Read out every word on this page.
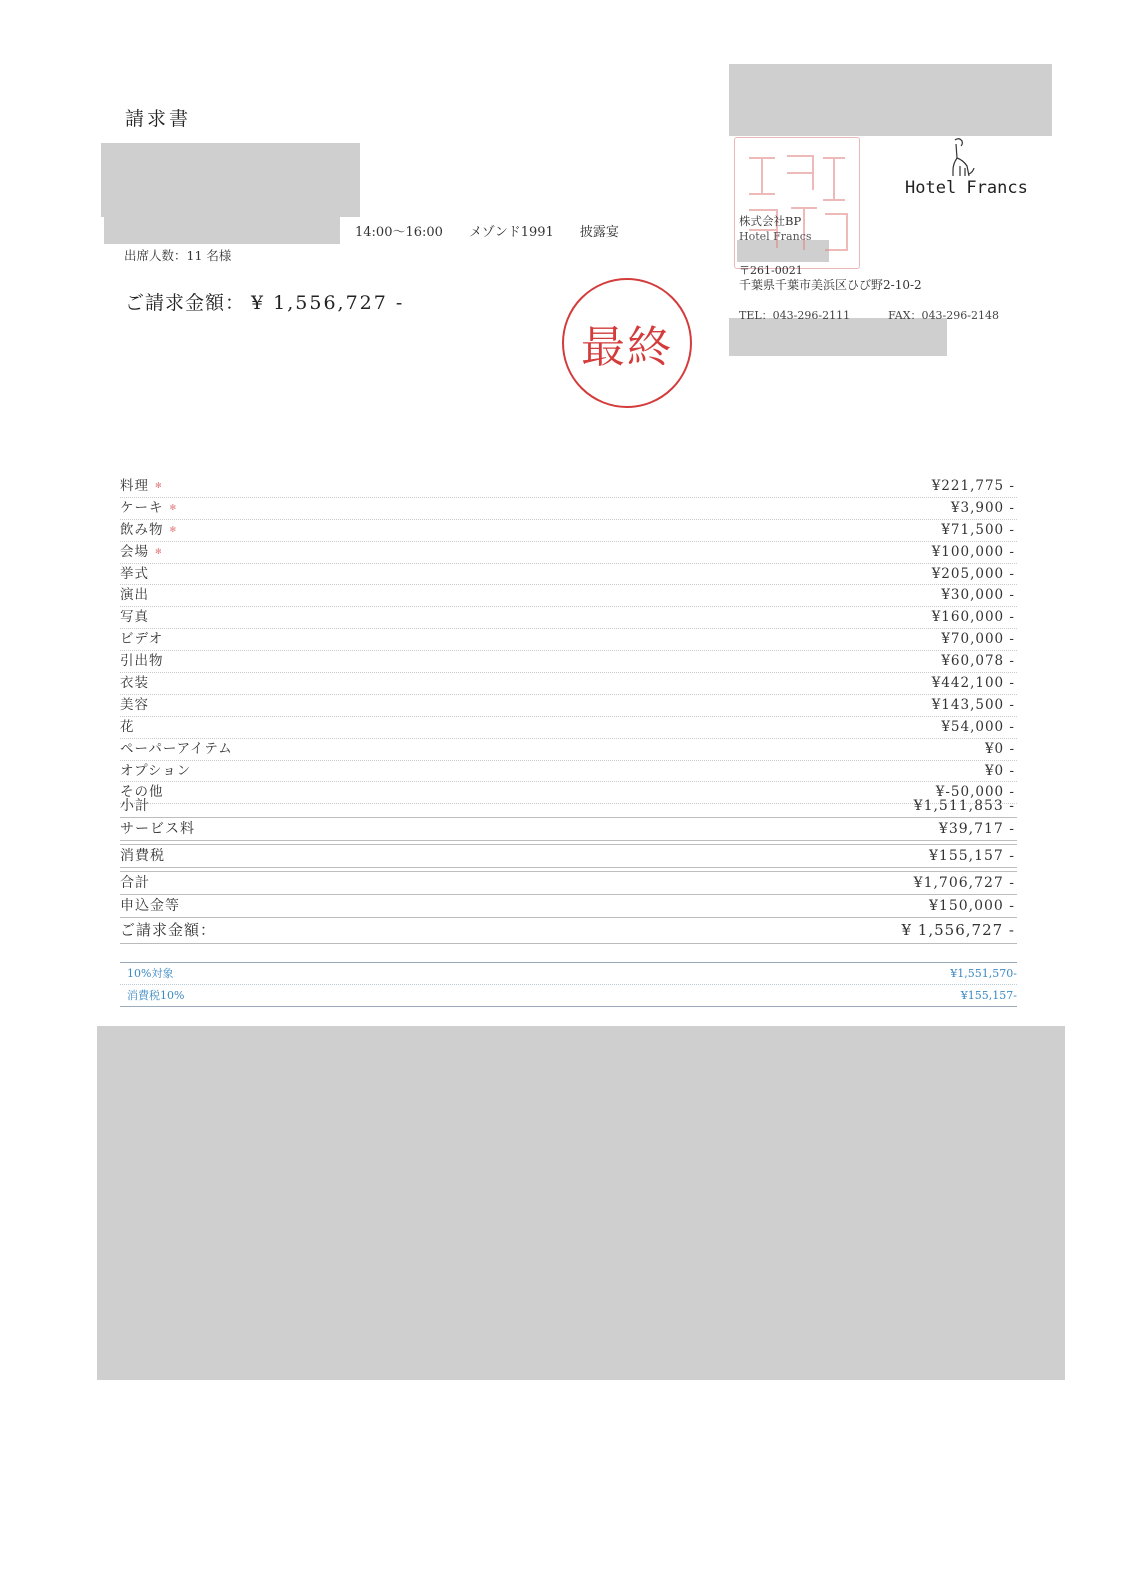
請求書
14:00〜16:00 メゾンド1991 披露宴
出席人数：11 名様
ご請求金額： ¥ 1,556,727 -
最終
Hotel Francs
株式会社BP
Hotel Francs
〒261-0021
千葉県千葉市美浜区ひび野2-10-2
TEL：043-296-2111	FAX：043-296-2148
料理 ✻	¥221,775 -
ケーキ ✻	¥3,900 -
飲み物 ✻	¥71,500 -
会場 ✻	¥100,000 -
挙式	¥205,000 -
演出	¥30,000 -
写真	¥160,000 -
ビデオ	¥70,000 -
引出物	¥60,078 -
衣装	¥442,100 -
美容	¥143,500 -
花	¥54,000 -
ペーパーアイテム	¥0 -
オプション	¥0 -
その他	¥-50,000 -
小計	¥1,511,853 -
サービス料	¥39,717 -
消費税	¥155,157 -
合計	¥1,706,727 -
申込金等	¥150,000 -
ご請求金額：	¥ 1,556,727 -
10%対象	¥1,551,570-
消費税10%	¥155,157-
